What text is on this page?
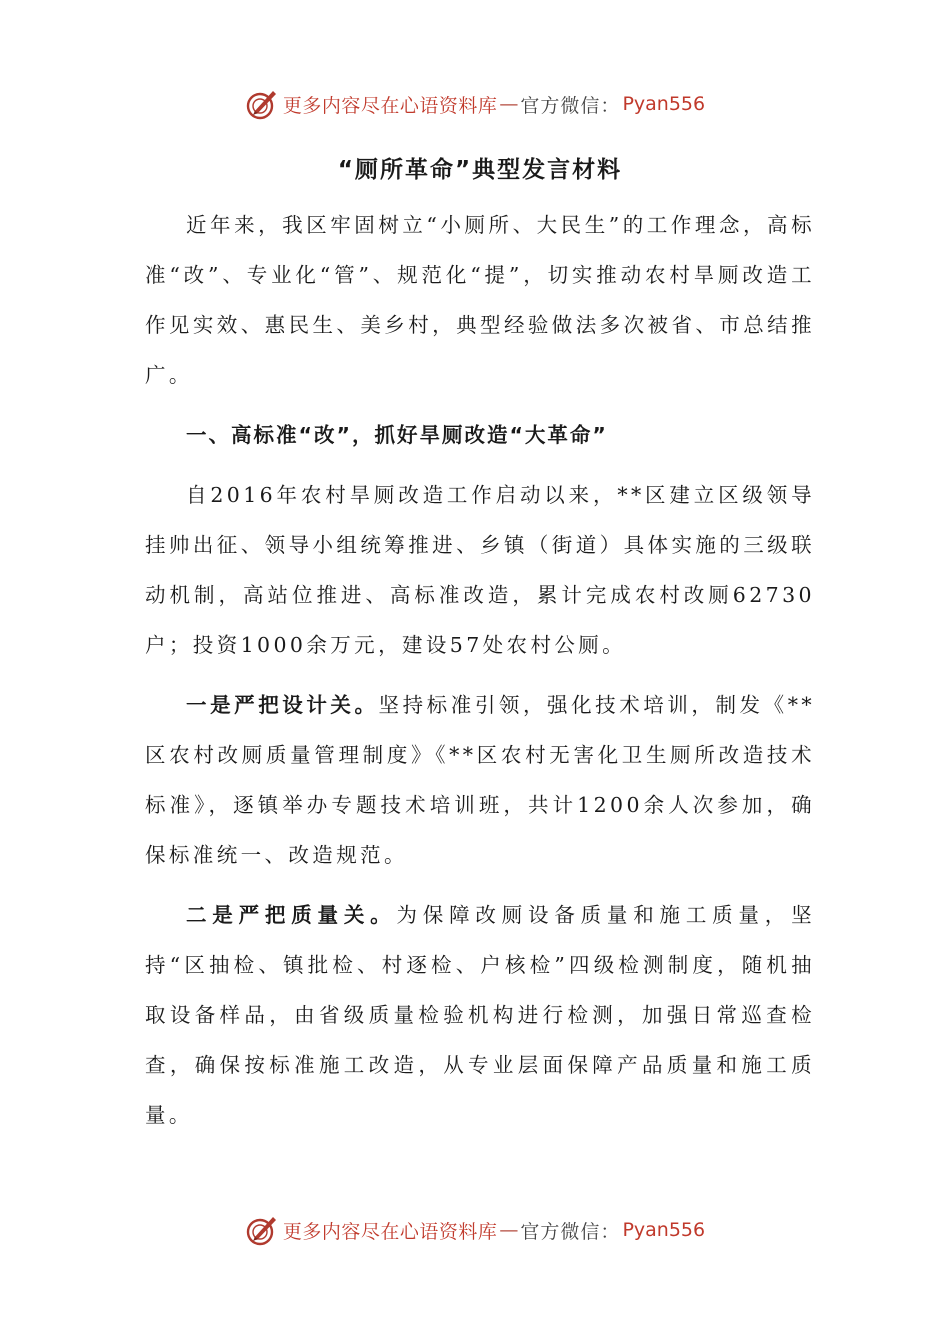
更多内容尽在心语资料库 — 官方微信： Pyan556
“厕所革命”典型发言材料

近年来，我区牢固树立“小厕所、大民生”的工作理念，高标准“改”、专业化“管”、规范化“提”，切实推动农村旱厕改造工作见实效、惠民生、美乡村，典型经验做法多次被省、市总结推广。

一、高标准“改”，抓好旱厕改造“大革命”

自2016年农村旱厕改造工作启动以来，**区建立区级领导挂帅出征、领导小组统筹推进、乡镇（街道）具体实施的三级联动机制，高站位推进、高标准改造，累计完成农村改厕62730户；投资1000余万元，建设57处农村公厕。

一是严把设计关。坚持标准引领，强化技术培训，制发《**区农村改厕质量管理制度》《**区农村无害化卫生厕所改造技术标准》，逐镇举办专题技术培训班，共计1200余人次参加，确保标准统一、改造规范。

二是严把质量关。为保障改厕设备质量和施工质量，坚持“区抽检、镇批检、村逐检、户核检”四级检测制度，随机抽取设备样品，由省级质量检验机构进行检测，加强日常巡查检查，确保按标准施工改造，从专业层面保障产品质量和施工质量。

更多内容尽在心语资料库 — 官方微信： Pyan556
